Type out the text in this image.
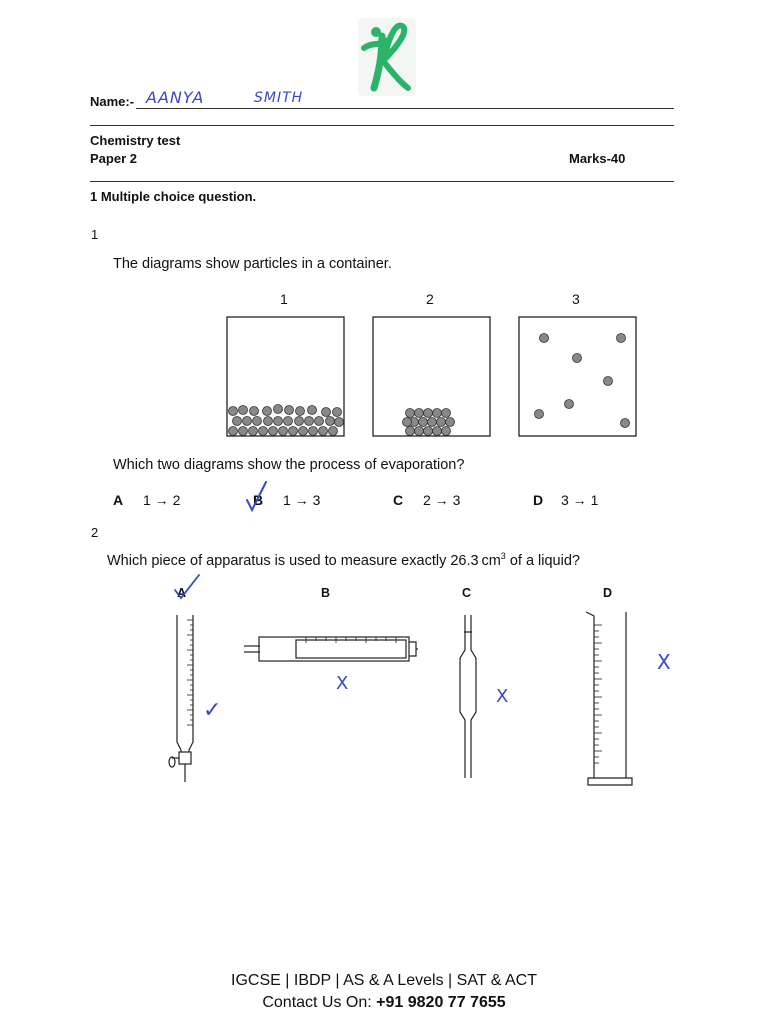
Name:- AANYA	SMITH
Chemistry test
Paper 2	Marks-40
1 Multiple choice question.
1
The diagrams show particles in a container.
1	2	3
Which two diagrams show the process of evaporation?
A 1 → 2	B 1 → 3	C 2 → 3	D 3 → 1
2
Which piece of apparatus is used to measure exactly 26.3 $cm^3$ of a liquid?
A	B	C	D
✓
X
X
X
IGCSE | IBDP | AS & A Levels | SAT & ACT
Contact Us On: +91 9820 77 7655
